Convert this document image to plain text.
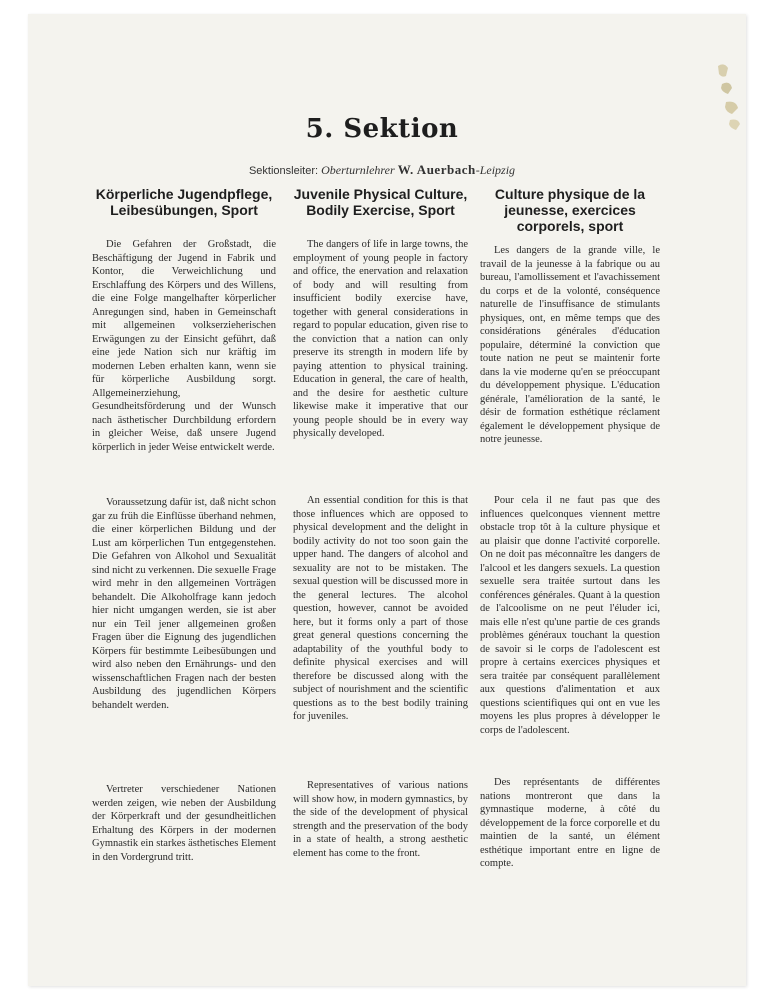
5. Sektion
Sektionsleiter: Oberturnlehrer W. Auerbach-Leipzig
Körperliche Jugendpflege, Leibesübungen, Sport

Die Gefahren der Großstadt, die Beschäftigung der Jugend in Fabrik und Kontor, die Verweichlichung und Erschlaffung des Körpers und des Willens, die eine Folge mangelhafter körperlicher Anregungen sind, haben in Gemeinschaft mit allgemeinen volkserzieherischen Erwägungen zu der Einsicht geführt, daß eine jede Nation sich nur kräftig im modernen Leben erhalten kann, wenn sie für körperliche Ausbildung sorgt. Allgemeinerziehung, Gesundheitsförderung und der Wunsch nach ästhetischer Durchbildung erfordern in gleicher Weise, daß unsere Jugend körperlich in jeder Weise entwickelt werde.

Voraussetzung dafür ist, daß nicht schon gar zu früh die Einflüsse überhand nehmen, die einer körperlichen Bildung und der Lust am körperlichen Tun entgegenstehen. Die Gefahren von Alkohol und Sexualität sind nicht zu verkennen. Die sexuelle Frage wird mehr in den allgemeinen Vorträgen behandelt. Die Alkoholfrage kann jedoch hier nicht umgangen werden, sie ist aber nur ein Teil jener allgemeinen großen Fragen über die Eignung des jugendlichen Körpers für bestimmte Leibesübungen und wird also neben den Ernährungs- und den wissenschaftlichen Fragen nach der besten Ausbildung des jugendlichen Körpers behandelt werden.

Vertreter verschiedener Nationen werden zeigen, wie neben der Ausbildung der Körperkraft und der gesundheitlichen Erhaltung des Körpers in der modernen Gymnastik ein starkes ästhetisches Element in den Vordergrund tritt.

Juvenile Physical Culture, Bodily Exercise, Sport

The dangers of life in large towns, the employment of young people in factory and office, the enervation and relaxation of body and will resulting from insufficient bodily exercise have, together with general considerations in regard to popular education, given rise to the conviction that a nation can only preserve its strength in modern life by paying attention to physical training. Education in general, the care of health, and the desire for aesthetic culture likewise make it imperative that our young people should be in every way physically developed.

An essential condition for this is that those influences which are opposed to physical development and the delight in bodily activity do not too soon gain the upper hand. The dangers of alcohol and sexuality are not to be mistaken. The sexual question will be discussed more in the general lectures. The alcohol question, however, cannot be avoided here, but it forms only a part of those great general questions concerning the adaptability of the youthful body to definite physical exercises and will therefore be discussed along with the subject of nourishment and the scientific questions as to the best bodily training for juveniles.

Representatives of various nations will show how, in modern gymnastics, by the side of the development of physical strength and the preservation of the body in a state of health, a strong aesthetic element has come to the front.

Culture physique de la jeunesse, exercices corporels, sport

Les dangers de la grande ville, le travail de la jeunesse à la fabrique ou au bureau, l'amollissement et l'avachissement du corps et de la volonté, conséquence naturelle de l'insuffisance de stimulants physiques, ont, en même temps que des considérations générales d'éducation populaire, déterminé la conviction que toute nation ne peut se maintenir forte dans la vie moderne qu'en se préoccupant du développement physique. L'éducation générale, l'amélioration de la santé, le désir de formation esthétique réclament également le développement physique de notre jeunesse.

Pour cela il ne faut pas que des influences quelconques viennent mettre obstacle trop tôt à la culture physique et au plaisir que donne l'activité corporelle. On ne doit pas méconnaître les dangers de l'alcool et les dangers sexuels. La question sexuelle sera traitée surtout dans les conférences générales. Quant à la question de l'alcoolisme on ne peut l'éluder ici, mais elle n'est qu'une partie de ces grands problèmes généraux touchant la question de savoir si le corps de l'adolescent est propre à certains exercices physiques et sera traitée par conséquent parallèlement aux questions d'alimentation et aux questions scientifiques qui ont en vue les moyens les plus propres à développer le corps de l'adolescent.

Des représentants de différentes nations montreront que dans la gymnastique moderne, à côté du développement de la force corporelle et du maintien de la santé, un élément esthétique important entre en ligne de compte.
